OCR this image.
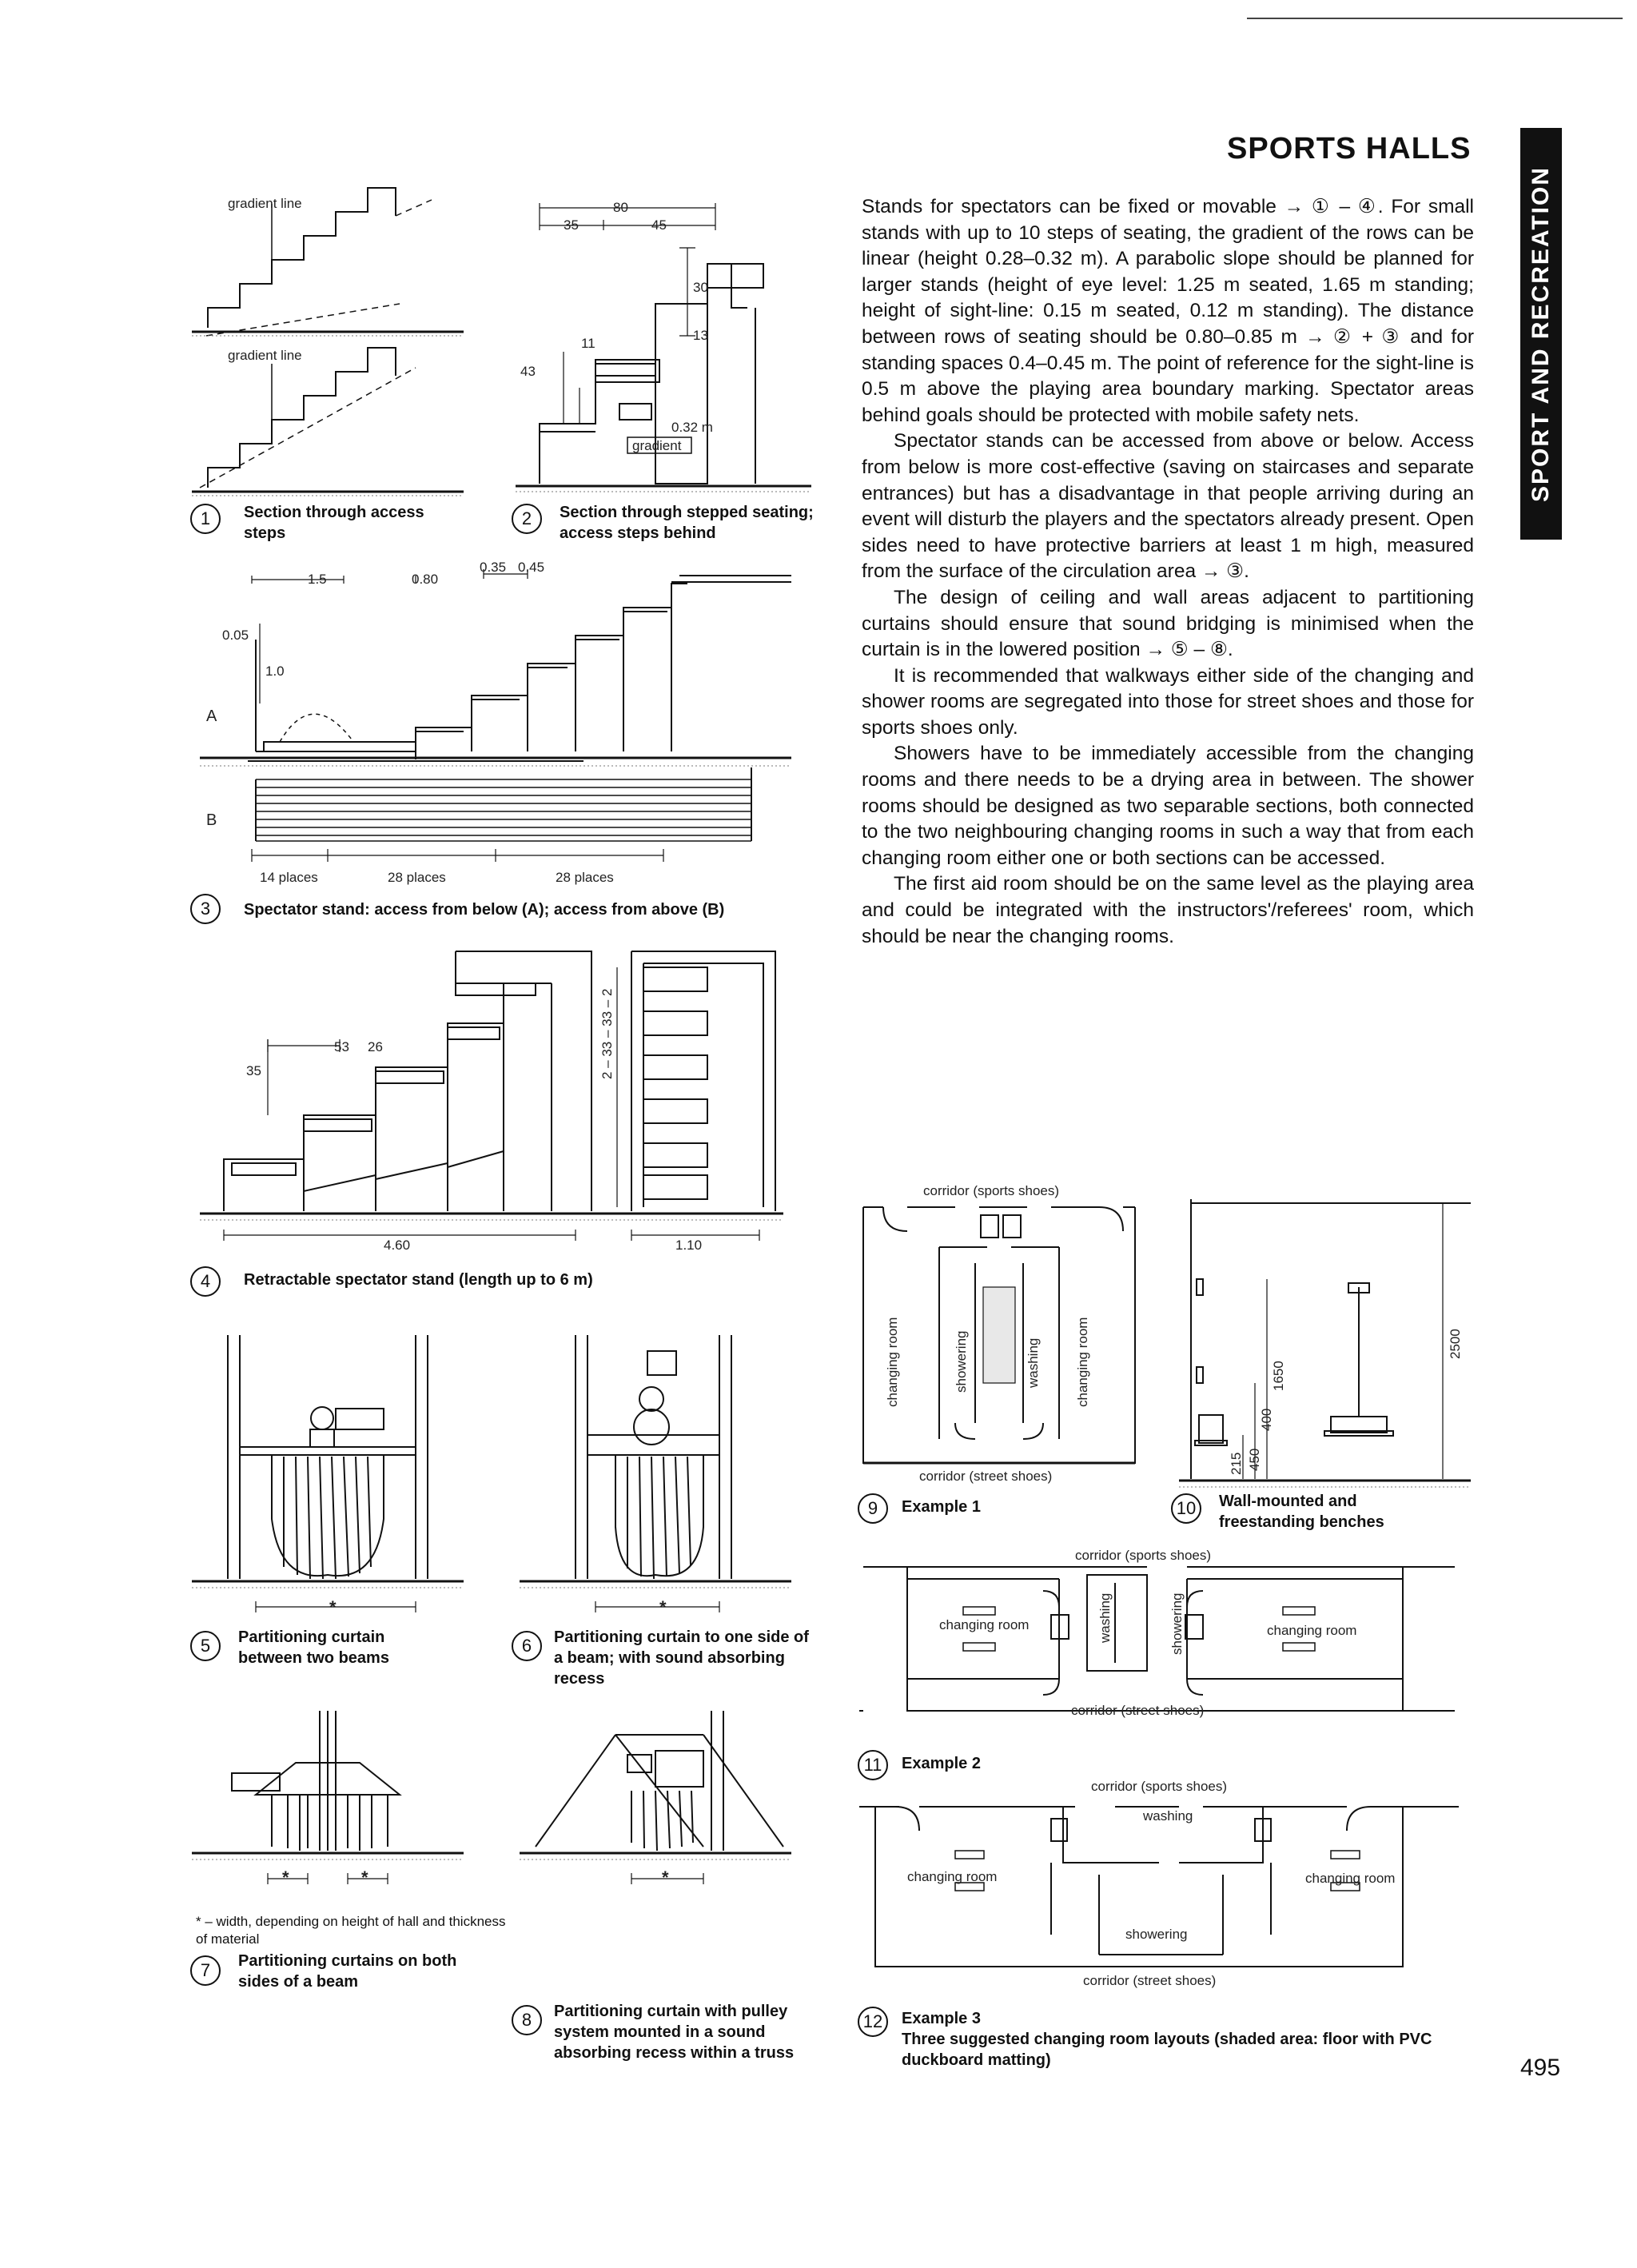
SPORTS HALLS
SPORT AND RECREATION

Stands for spectators can be fixed or movable → ① – ④. For small stands with up to 10 steps of seating, the gradient of the rows can be linear (height 0.28–0.32 m). A parabolic slope should be planned for larger stands (height of eye level: 1.25 m seated, 1.65 m standing; height of sight-line: 0.15 m seated, 0.12 m standing). The distance between rows of seating should be 0.80–0.85 m → ② + ③ and for standing spaces 0.4–0.45 m. The point of reference for the sight-line is 0.5 m above the playing area boundary marking. Spectator areas behind goals should be protected with mobile safety nets.

Spectator stands can be accessed from above or below. Access from below is more cost-effective (saving on staircases and separate entrances) but has a disadvantage in that people arriving during an event will disturb the players and the spectators already present. Open sides need to have protective barriers at least 1 m high, measured from the surface of the circulation area → ③.

The design of ceiling and wall areas adjacent to partitioning curtains should ensure that sound bridging is minimised when the curtain is in the lowered position → ⑤ – ⑧.

It is recommended that walkways either side of the changing and shower rooms are segregated into those for street shoes and those for sports shoes only.

Showers have to be immediately accessible from the changing rooms and there needs to be a drying area in between. The shower rooms should be designed as two separable sections, both connected to the two neighbouring changing rooms in such a way that from each changing room either one or both sections can be accessed.

The first aid room should be on the same level as the playing area and could be integrated with the instructors'/referees' room, which should be near the changing rooms.

gradient line
gradient line
1	Section through access steps
80
35	45
30
13
11
43
0.32 m
gradient
2	Section through stepped seating; access steps behind
1.5	0.80
0.35 0.45
0.05
1.0
A
B
14 places	28 places	28 places
3	Spectator stand: access from below (A); access from above (B)
53 26
35
4.60	1.10
2 – 33 – 33 – 2
4	Retractable spectator stand (length up to 6 m)
*
5	Partitioning curtain between two beams
*
6	Partitioning curtain to one side of a beam; with sound absorbing recess
*	*
* – width, depending on height of hall and thickness of material
7	Partitioning curtains on both sides of a beam
*
8	Partitioning curtain with pulley system mounted in a sound absorbing recess within a truss
corridor (sports shoes)
corridor (street shoes)
changing room	showering	washing	changing room
9	Example 1
2500
1650
400
450
215
10	Wall-mounted and freestanding benches
corridor (sports shoes)
corridor (street shoes)
changing room	washing	showering	changing room
11	Example 2
corridor (sports shoes)
washing
changing room	changing room
showering
corridor (street shoes)
12	Example 3
Three suggested changing room layouts (shaded area: floor with PVC duckboard matting)	495
